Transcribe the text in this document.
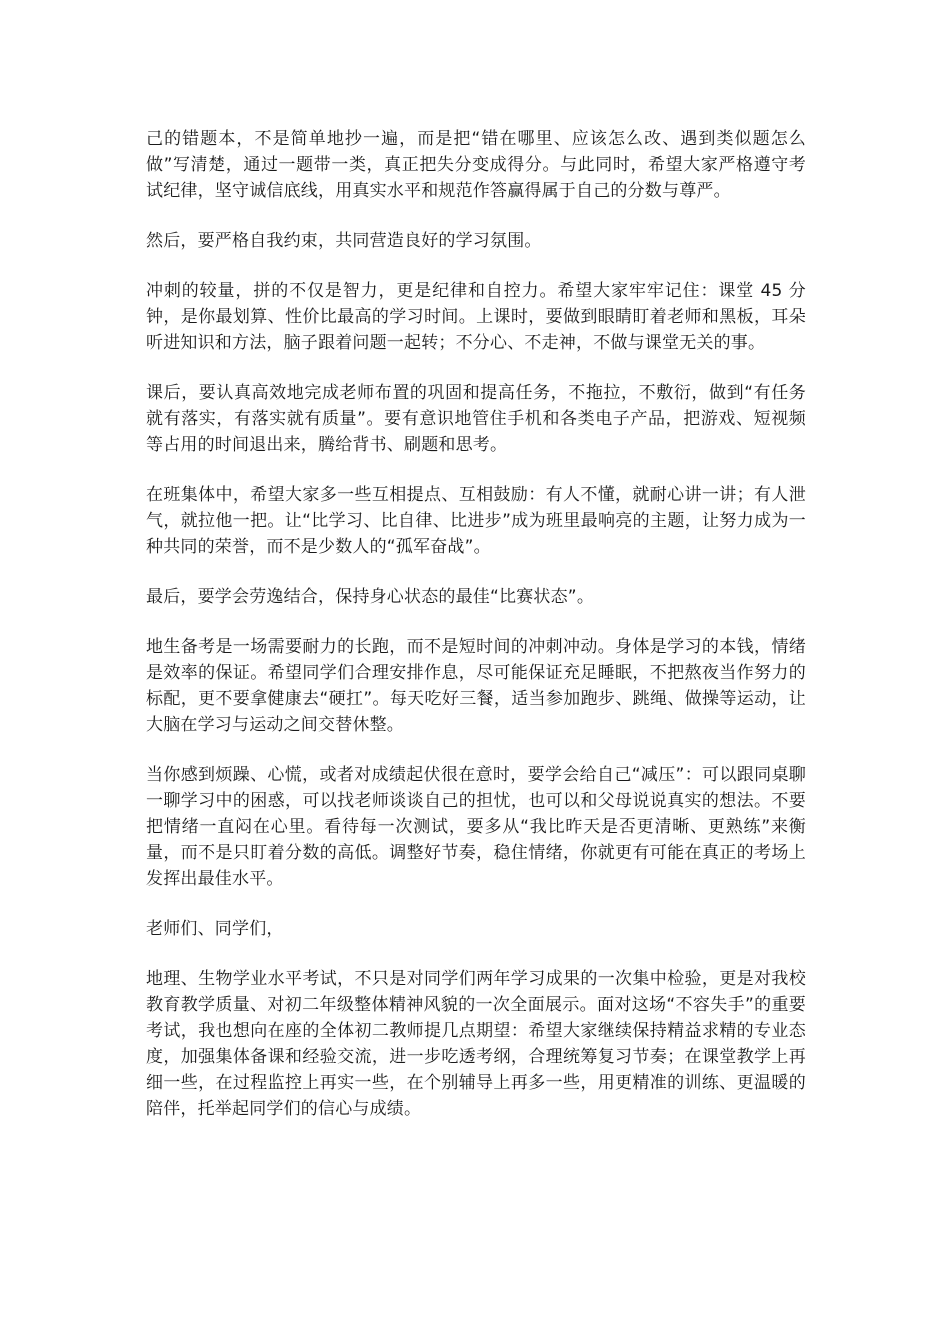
己的错题本，不是简单地抄一遍，而是把“错在哪里、应该怎么改、遇到类似题怎么做”写清楚，通过一题带一类，真正把失分变成得分。与此同时，希望大家严格遵守考试纪律，坚守诚信底线，用真实水平和规范作答赢得属于自己的分数与尊严。

然后，要严格自我约束，共同营造良好的学习氛围。

冲刺的较量，拼的不仅是智力，更是纪律和自控力。希望大家牢牢记住：课堂 45 分钟，是你最划算、性价比最高的学习时间。上课时，要做到眼睛盯着老师和黑板，耳朵听进知识和方法，脑子跟着问题一起转；不分心、不走神，不做与课堂无关的事。

课后，要认真高效地完成老师布置的巩固和提高任务，不拖拉，不敷衍，做到“有任务就有落实，有落实就有质量”。要有意识地管住手机和各类电子产品，把游戏、短视频等占用的时间退出来，腾给背书、刷题和思考。

在班集体中，希望大家多一些互相提点、互相鼓励：有人不懂，就耐心讲一讲；有人泄气，就拉他一把。让“比学习、比自律、比进步”成为班里最响亮的主题，让努力成为一种共同的荣誉，而不是少数人的“孤军奋战”。

最后，要学会劳逸结合，保持身心状态的最佳“比赛状态”。

地生备考是一场需要耐力的长跑，而不是短时间的冲刺冲动。身体是学习的本钱，情绪是效率的保证。希望同学们合理安排作息，尽可能保证充足睡眠，不把熬夜当作努力的标配，更不要拿健康去“硬扛”。每天吃好三餐，适当参加跑步、跳绳、做操等运动，让大脑在学习与运动之间交替休整。

当你感到烦躁、心慌，或者对成绩起伏很在意时，要学会给自己“减压”：可以跟同桌聊一聊学习中的困惑，可以找老师谈谈自己的担忧，也可以和父母说说真实的想法。不要把情绪一直闷在心里。看待每一次测试，要多从“我比昨天是否更清晰、更熟练”来衡量，而不是只盯着分数的高低。调整好节奏，稳住情绪，你就更有可能在真正的考场上发挥出最佳水平。

老师们、同学们，

地理、生物学业水平考试，不只是对同学们两年学习成果的一次集中检验，更是对我校教育教学质量、对初二年级整体精神风貌的一次全面展示。面对这场“不容失手”的重要考试，我也想向在座的全体初二教师提几点期望：希望大家继续保持精益求精的专业态度，加强集体备课和经验交流，进一步吃透考纲，合理统筹复习节奏；在课堂教学上再细一些，在过程监控上再实一些，在个别辅导上再多一些，用更精准的训练、更温暖的陪伴，托举起同学们的信心与成绩。
